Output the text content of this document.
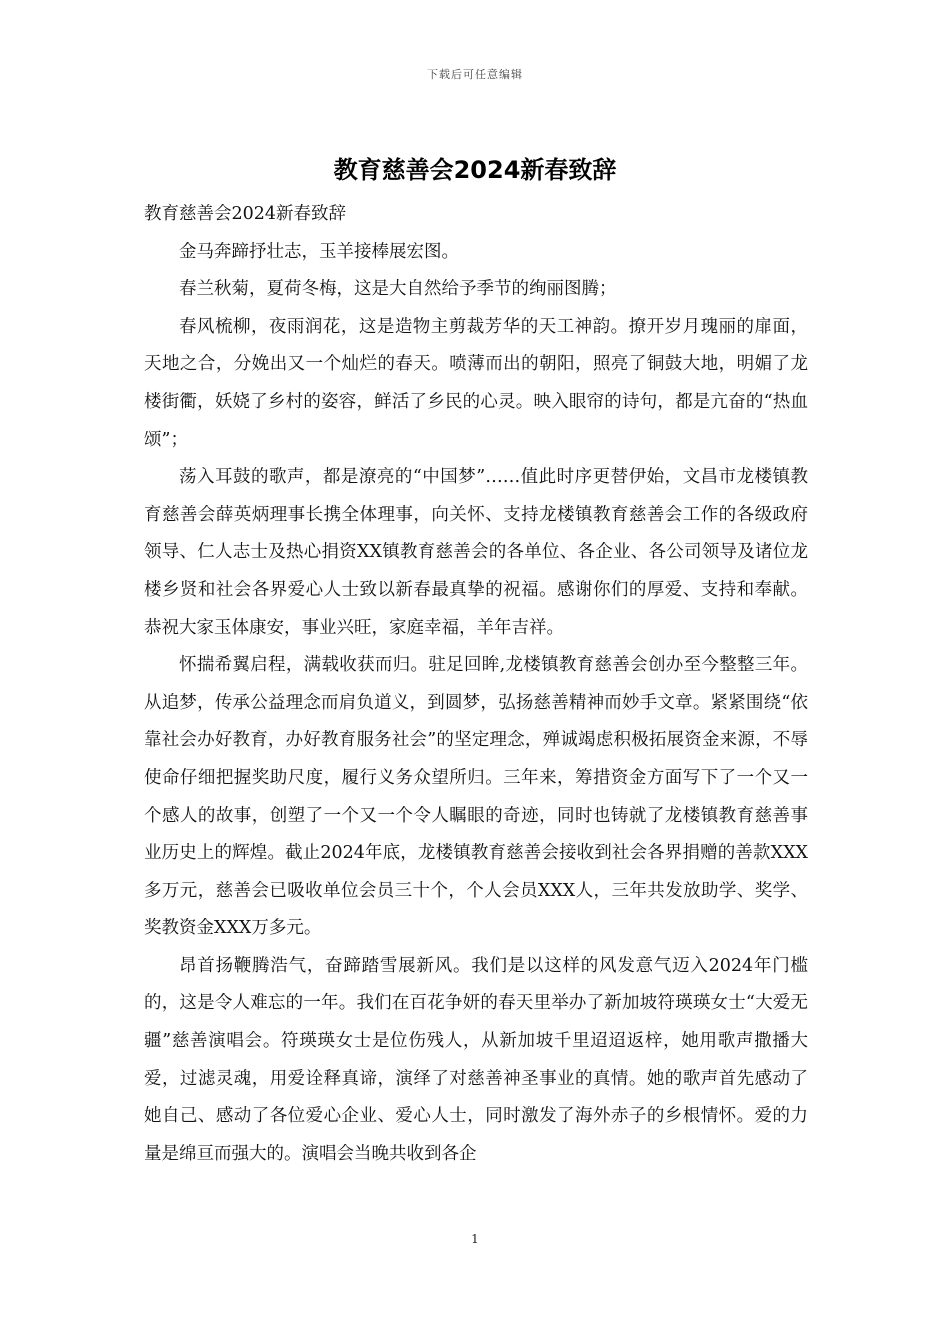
下载后可任意编辑
教育慈善会2024新春致辞

教育慈善会2024新春致辞

金马奔蹄抒壮志，玉羊接棒展宏图。

春兰秋菊，夏荷冬梅，这是大自然给予季节的绚丽图腾；

春风梳柳，夜雨润花，这是造物主剪裁芳华的天工神韵。撩开岁月瑰丽的扉面，天地之合，分娩出又一个灿烂的春天。喷薄而出的朝阳，照亮了铜鼓大地，明媚了龙楼街衢，妖娆了乡村的姿容，鲜活了乡民的心灵。映入眼帘的诗句，都是亢奋的“热血颂”；

荡入耳鼓的歌声，都是潦亮的“中国梦”……值此时序更替伊始，文昌市龙楼镇教育慈善会薛英炳理事长携全体理事，向关怀、支持龙楼镇教育慈善会工作的各级政府领导、仁人志士及热心捐资XX镇教育慈善会的各单位、各企业、各公司领导及诸位龙楼乡贤和社会各界爱心人士致以新春最真挚的祝福。感谢你们的厚爱、支持和奉献。恭祝大家玉体康安，事业兴旺，家庭幸福，羊年吉祥。

怀揣希翼启程，满载收获而归。驻足回眸,龙楼镇教育慈善会创办至今整整三年。从追梦，传承公益理念而肩负道义，到圆梦，弘扬慈善精神而妙手文章。紧紧围绕“依靠社会办好教育，办好教育服务社会”的坚定理念，殚诚竭虑积极拓展资金来源，不辱使命仔细把握奖助尺度，履行义务众望所归。三年来，筹措资金方面写下了一个又一个感人的故事，创塑了一个又一个令人瞩眼的奇迹，同时也铸就了龙楼镇教育慈善事业历史上的辉煌。截止2024年底，龙楼镇教育慈善会接收到社会各界捐赠的善款XXX多万元，慈善会已吸收单位会员三十个，个人会员XXX人，三年共发放助学、奖学、奖教资金XXX万多元。

昂首扬鞭腾浩气，奋蹄踏雪展新风。我们是以这样的风发意气迈入2024年门槛的，这是令人难忘的一年。我们在百花争妍的春天里举办了新加坡符瑛瑛女士“大爱无疆”慈善演唱会。符瑛瑛女士是位伤残人，从新加坡千里迢迢返梓，她用歌声撒播大爱，过滤灵魂，用爱诠释真谛，演绎了对慈善神圣事业的真情。她的歌声首先感动了她自己、感动了各位爱心企业、爱心人士，同时激发了海外赤子的乡根情怀。爱的力量是绵亘而强大的。演唱会当晚共收到各企

1
